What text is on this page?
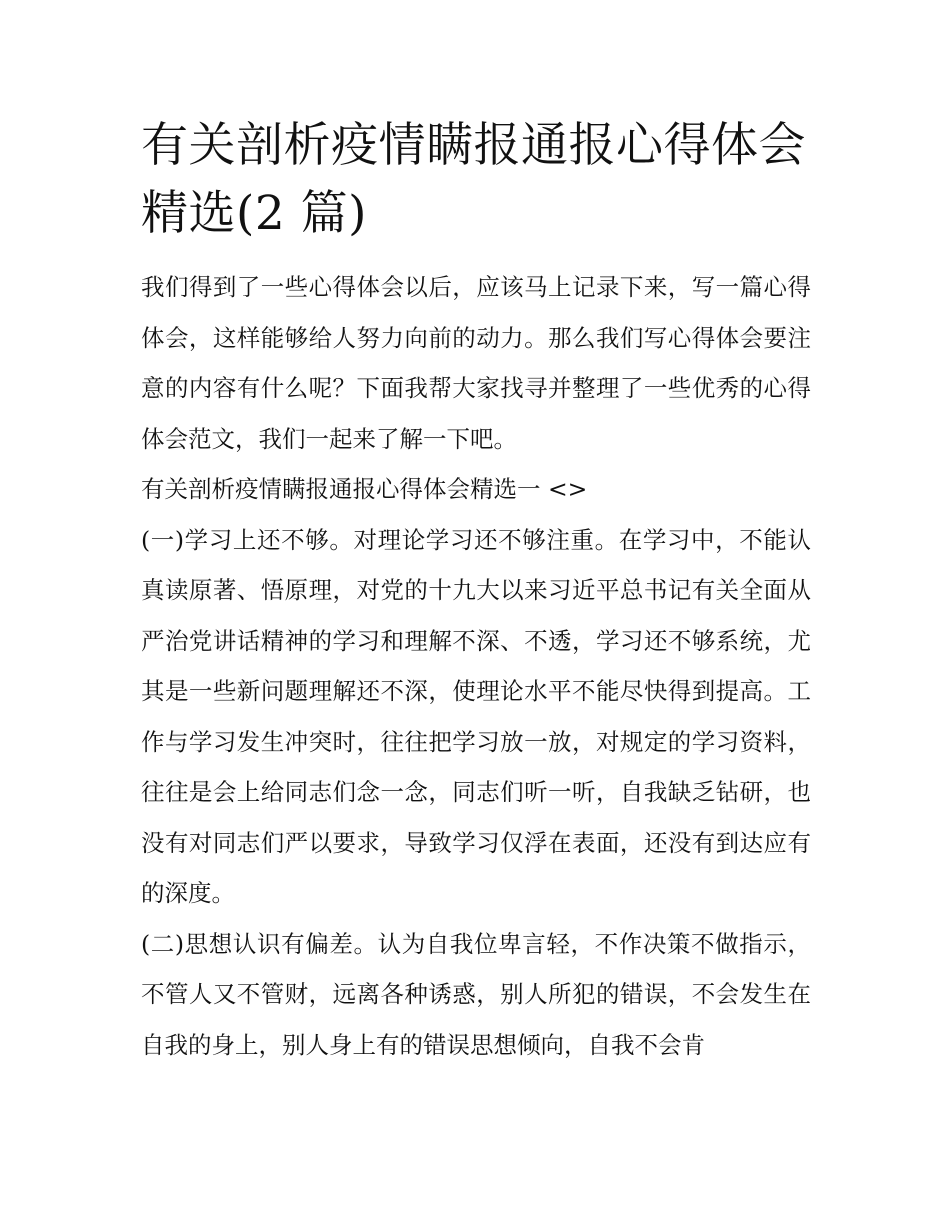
有关剖析疫情瞒报通报心得体会精选(2 篇)

我们得到了一些心得体会以后，应该马上记录下来，写一篇心得体会，这样能够给人努力向前的动力。那么我们写心得体会要注意的内容有什么呢？下面我帮大家找寻并整理了一些优秀的心得体会范文，我们一起来了解一下吧。

有关剖析疫情瞒报通报心得体会精选一 <>

(一)学习上还不够。对理论学习还不够注重。在学习中，不能认真读原著、悟原理，对党的十九大以来习近平总书记有关全面从严治党讲话精神的学习和理解不深、不透，学习还不够系统，尤其是一些新问题理解还不深，使理论水平不能尽快得到提高。工作与学习发生冲突时，往往把学习放一放，对规定的学习资料，往往是会上给同志们念一念，同志们听一听，自我缺乏钻研，也没有对同志们严以要求，导致学习仅浮在表面，还没有到达应有的深度。

(二)思想认识有偏差。认为自我位卑言轻，不作决策不做指示，不管人又不管财，远离各种诱惑，别人所犯的错误，不会发生在自我的身上，别人身上有的错误思想倾向，自我不会肯
